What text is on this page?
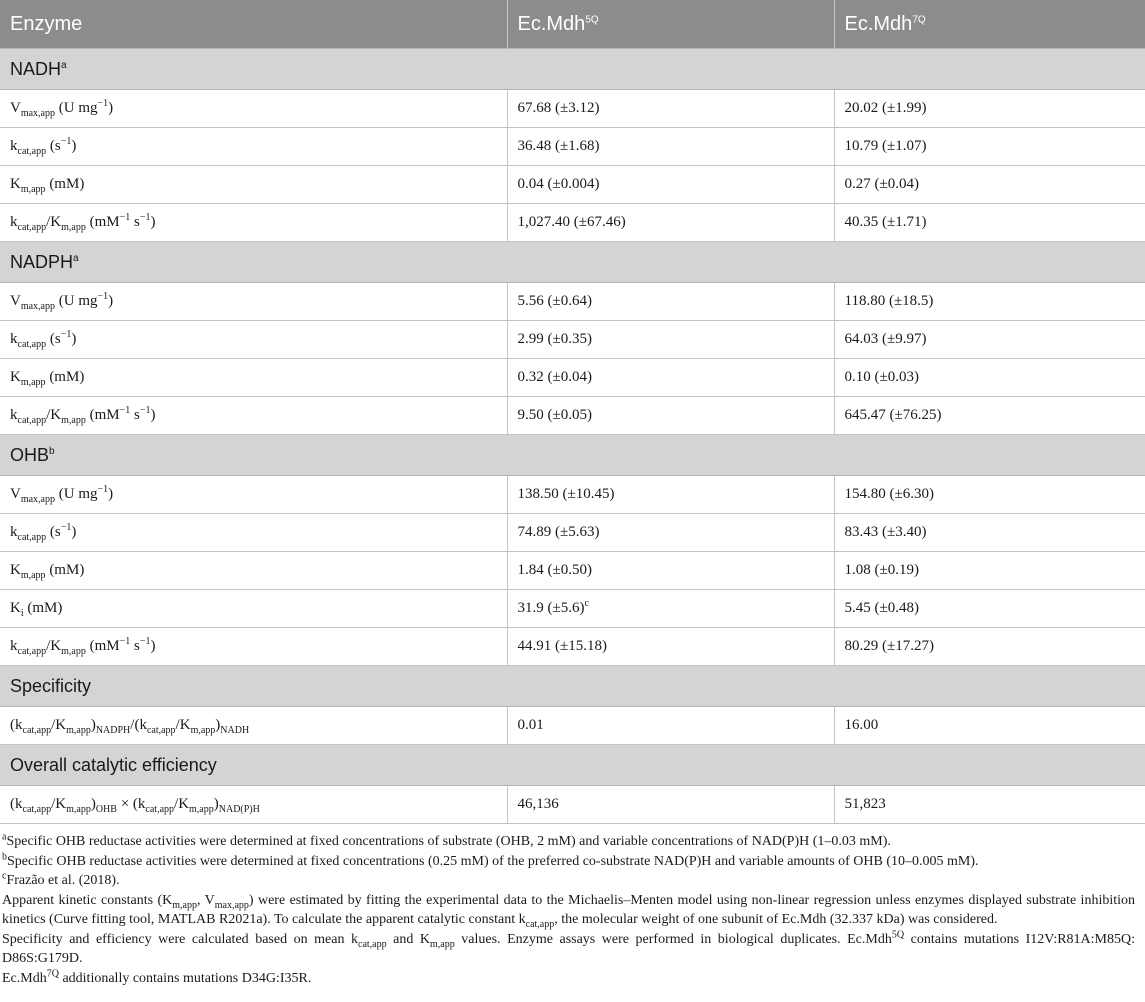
Enzyme	Ec.Mdh$^{5Q}$	Ec.Mdh$^{7Q}$
NADH$^a$
$V_{max,app}$ (U $mg^{-1}$)	67.68 (±3.12)	20.02 (±1.99)
$k_{cat,app}$ $(s^{-1})$	36.48 (±1.68)	10.79 (±1.07)
$K_{m,app}$ (mM)	0.04 (±0.004)	0.27 (±0.04)
$k_{cat,app}/K_{m,app}$ ($mM^{-1}$ $s^{-1}$)	1,027.40 (±67.46)	40.35 (±1.71)
NADPH$^a$
$V_{max,app}$ (U $mg^{-1}$)	5.56 (±0.64)	118.80 (±18.5)
$k_{cat,app}$ $(s^{-1})$	2.99 (±0.35)	64.03 (±9.97)
$K_{m,app}$ (mM)	0.32 (±0.04)	0.10 (±0.03)
$k_{cat,app}/K_{m,app}$ ($mM^{-1}$ $s^{-1}$)	9.50 (±0.05)	645.47 (±76.25)
OHB$^b$
$V_{max,app}$ (U $mg^{-1}$)	138.50 (±10.45)	154.80 (±6.30)
$k_{cat,app}$ $(s^{-1})$	74.89 (±5.63)	83.43 (±3.40)
$K_{m,app}$ (mM)	1.84 (±0.50)	1.08 (±0.19)
$K_i$ (mM)	31.9 $(\pm 5.6)^c$	5.45 (±0.48)
$k_{cat,app}/K_{m,app}$ ($mM^{-1}$ $s^{-1}$)	44.91 (±15.18)	80.29 (±17.27)
Specificity		
$(k_{cat,app}/K_{m,app})_{NADPH}/(k_{cat,app}/K_{m,app})_{NADH}$	0.01	16.00
Overall catalytic efficiency		
$(k_{cat,app}/K_{m,app})_{OHB} \times (k_{cat,app}/K_{m,app})_{NAD(P)H}$	46,136	51,823

$^a$Specific OHB reductase activities were determined at fixed concentrations of substrate (OHB, 2 mM) and variable concentrations of NAD(P)H (1–0.03 mM).

$^b$Specific OHB reductase activities were determined at fixed concentrations (0.25 mM) of the preferred co-substrate NAD(P)H and variable amounts of OHB (10–0.005 mM).

$^c$Frazão et al. (2018).

Apparent kinetic constants ($K_{m,app}$, $V_{max,app}$) were estimated by fitting the experimental data to the Michaelis–Menten model using non-linear regression unless enzymes displayed substrate inhibition kinetics (Curve fitting tool, MATLAB R2021a). To calculate the apparent catalytic constant $k_{cat,app}$, the molecular weight of one subunit of Ec.Mdh (32.337 kDa) was considered.

Specificity and efficiency were calculated based on mean $k_{cat,app}$ and $K_{m,app}$ values. Enzyme assays were performed in biological duplicates. Ec.Mdh$^{5Q}$ contains mutations I12V:R81A:M85Q: D86S:G179D.

Ec.Mdh$^{7Q}$ additionally contains mutations D34G:I35R.
